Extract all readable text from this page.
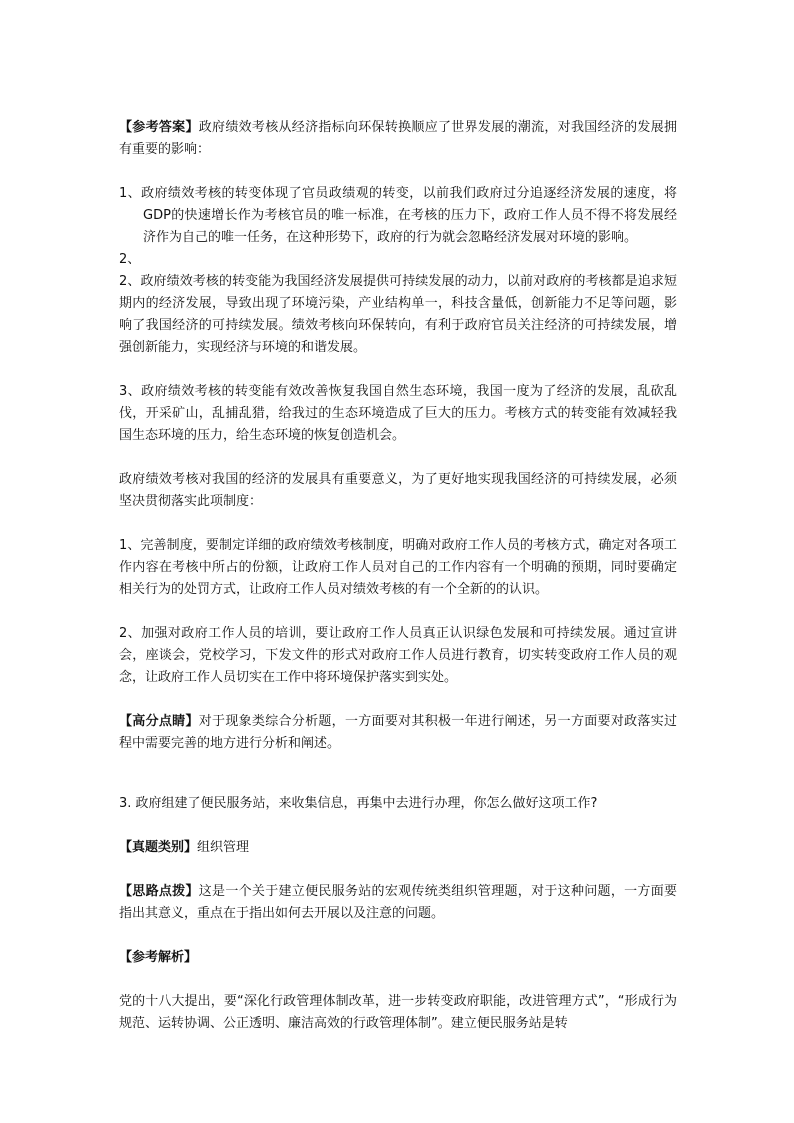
【参考答案】政府绩效考核从经济指标向环保转换顺应了世界发展的潮流，对我国经济的发展拥有重要的影响：

1、政府绩效考核的转变体现了官员政绩观的转变，以前我们政府过分追逐经济发展的速度，将GDP的快速增长作为考核官员的唯一标准，在考核的压力下，政府工作人员不得不将发展经济作为自己的唯一任务，在这种形势下，政府的行为就会忽略经济发展对环境的影响。

2、

2、政府绩效考核的转变能为我国经济发展提供可持续发展的动力，以前对政府的考核都是追求短期内的经济发展，导致出现了环境污染，产业结构单一，科技含量低，创新能力不足等问题，影响了我国经济的可持续发展。绩效考核向环保转向，有利于政府官员关注经济的可持续发展，增强创新能力，实现经济与环境的和谐发展。

3、政府绩效考核的转变能有效改善恢复我国自然生态环境，我国一度为了经济的发展，乱砍乱伐，开采矿山，乱捕乱猎，给我过的生态环境造成了巨大的压力。考核方式的转变能有效减轻我国生态环境的压力，给生态环境的恢复创造机会。

政府绩效考核对我国的经济的发展具有重要意义，为了更好地实现我国经济的可持续发展，必须坚决贯彻落实此项制度：

1、完善制度，要制定详细的政府绩效考核制度，明确对政府工作人员的考核方式，确定对各项工作内容在考核中所占的份额，让政府工作人员对自己的工作内容有一个明确的预期，同时要确定相关行为的处罚方式，让政府工作人员对绩效考核的有一个全新的的认识。

2、加强对政府工作人员的培训，要让政府工作人员真正认识绿色发展和可持续发展。通过宣讲会，座谈会，党校学习，下发文件的形式对政府工作人员进行教育，切实转变政府工作人员的观念，让政府工作人员切实在工作中将环境保护落实到实处。

【高分点睛】对于现象类综合分析题，一方面要对其积极一年进行阐述，另一方面要对政落实过程中需要完善的地方进行分析和阐述。

3. 政府组建了便民服务站，来收集信息，再集中去进行办理，你怎么做好这项工作?

【真题类别】组织管理

【思路点拨】这是一个关于建立便民服务站的宏观传统类组织管理题，对于这种问题，一方面要指出其意义，重点在于指出如何去开展以及注意的问题。

【参考解析】

党的十八大提出，要“深化行政管理体制改革，进一步转变政府职能，改进管理方式”，“形成行为规范、运转协调、公正透明、廉洁高效的行政管理体制”。建立便民服务站是转
